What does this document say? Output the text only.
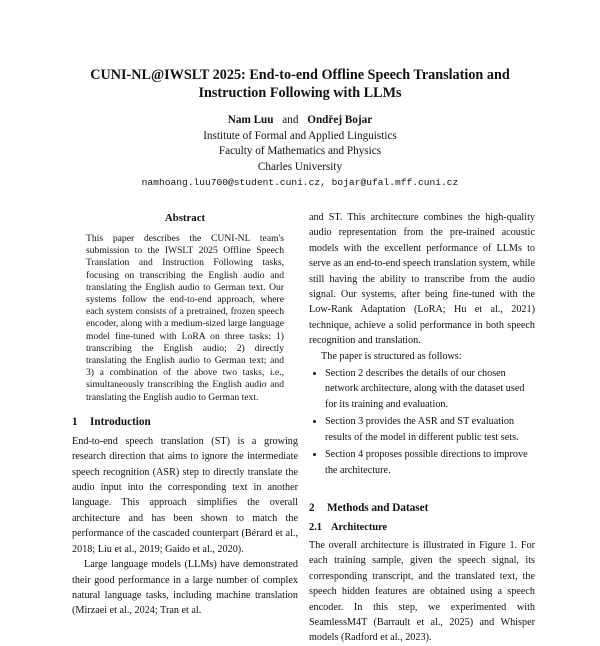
CUNI-NL@IWSLT 2025: End-to-end Offline Speech Translation and
Instruction Following with LLMs
Nam Luu and Ondřej Bojar
Institute of Formal and Applied Linguistics
Faculty of Mathematics and Physics
Charles University
namhoang.luu700@student.cuni.cz, bojar@ufal.mff.cuni.cz
Abstract

This paper describes the CUNI-NL team's submission to the IWSLT 2025 Offline Speech Translation and Instruction Following tasks, focusing on transcribing the English audio and translating the English audio to German text. Our systems follow the end-to-end approach, where each system consists of a pretrained, frozen speech encoder, along with a medium-sized large language model fine-tuned with LoRA on three tasks: 1) transcribing the English audio; 2) directly translating the English audio to German text; and 3) a combination of the above two tasks, i.e., simultaneously transcribing the English audio and translating the English audio to German text.

1 Introduction

End-to-end speech translation (ST) is a growing research direction that aims to ignore the intermediate speech recognition (ASR) step to directly translate the audio input into the corresponding text in another language. This approach simplifies the overall architecture and has been shown to match the performance of the cascaded counterpart (Bérard et al., 2018; Liu et al., 2019; Gaido et al., 2020).

Large language models (LLMs) have demonstrated their good performance in a large number of complex natural language tasks, including machine translation (Mirzaei et al., 2024; Tran et al.

and ST. This architecture combines the high-quality audio representation from the pre-trained acoustic models with the excellent performance of LLMs to serve as an end-to-end speech translation system, while still having the ability to transcribe from the audio signal. Our systems, after being fine-tuned with the Low-Rank Adaptation (LoRA; Hu et al., 2021) technique, achieve a solid performance in both speech recognition and translation.

The paper is structured as follows:

• Section 2 describes the details of our chosen network architecture, along with the dataset used for its training and evaluation.
• Section 3 provides the ASR and ST evaluation results of the model in different public test sets.
• Section 4 proposes possible directions to improve the architecture.
2 Methods and Dataset
2.1 Architecture

The overall architecture is illustrated in Figure 1. For each training sample, given the speech signal, its corresponding transcript, and the translated text, the speech hidden features are obtained using a speech encoder. In this step, we experimented with SeamlessM4T (Barrault et al., 2025) and Whisper models (Radford et al., 2023).
